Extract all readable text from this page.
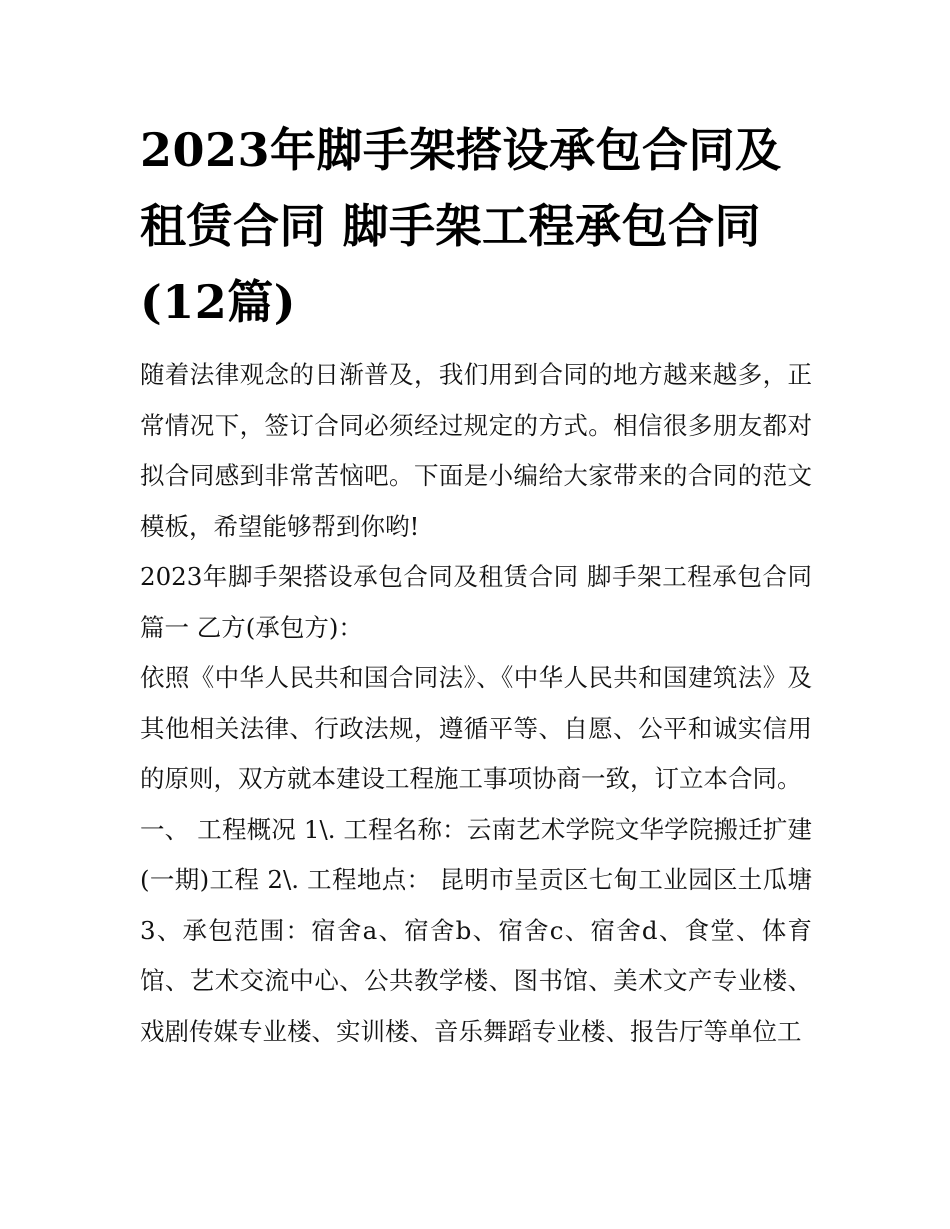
2023年脚手架搭设承包合同及租赁合同 脚手架工程承包合同(12篇)

随着法律观念的日渐普及，我们用到合同的地方越来越多，正常情况下，签订合同必须经过规定的方式。相信很多朋友都对拟合同感到非常苦恼吧。下面是小编给大家带来的合同的范文模板，希望能够帮到你哟!

2023年脚手架搭设承包合同及租赁合同 脚手架工程承包合同篇一 乙方(承包方)：

依照《中华人民共和国合同法》、《中华人民共和国建筑法》及其他相关法律、行政法规，遵循平等、自愿、公平和诚实信用的原则，双方就本建设工程施工事项协商一致，订立本合同。

一、 工程概况 1\. 工程名称：云南艺术学院文华学院搬迁扩建(一期)工程 2\. 工程地点： 昆明市呈贡区七甸工业园区土瓜塘 3、承包范围：宿舍a、宿舍b、宿舍c、宿舍d、食堂、体育馆、艺术交流中心、公共教学楼、图书馆、美术文产专业楼、戏剧传媒专业楼、实训楼、音乐舞蹈专业楼、报告厅等单位工
